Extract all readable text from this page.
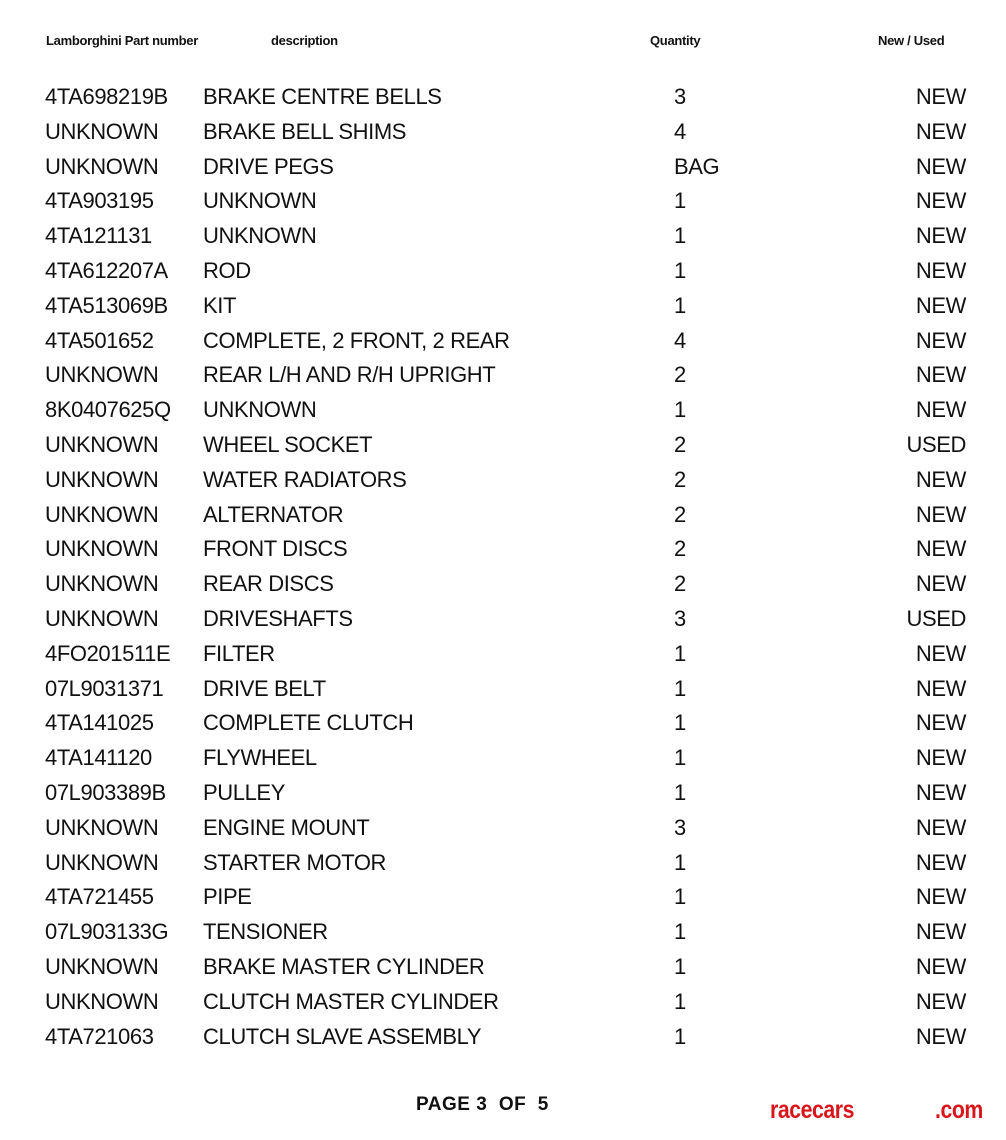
Lamborghini Part number	description	Quantity	New / Used
4TA698219B BRAKE CENTRE BELLS	3	NEW
UNKNOWN BRAKE BELL SHIMS	4	NEW
UNKNOWN DRIVE PEGS	BAG	NEW
4TA903195 UNKNOWN	1	NEW
4TA121131 UNKNOWN	1	NEW
4TA612207A ROD	1	NEW
4TA513069B KIT	1	NEW
4TA501652 COMPLETE, 2 FRONT, 2 REAR	4	NEW
UNKNOWN REAR L/H AND R/H UPRIGHT	2	NEW
8K0407625Q UNKNOWN	1	NEW
UNKNOWN WHEEL SOCKET	2	USED
UNKNOWN WATER RADIATORS	2	NEW
UNKNOWN ALTERNATOR	2	NEW
UNKNOWN FRONT DISCS	2	NEW
UNKNOWN REAR DISCS	2	NEW
UNKNOWN DRIVESHAFTS	3	USED
4FO201511E FILTER	1	NEW
07L9031371 DRIVE BELT	1	NEW
4TA141025 COMPLETE CLUTCH	1	NEW
4TA141120 FLYWHEEL	1	NEW
07L903389B PULLEY	1	NEW
UNKNOWN ENGINE MOUNT	3	NEW
UNKNOWN STARTER MOTOR	1	NEW
4TA721455 PIPE	1	NEW
07L903133G TENSIONER	1	NEW
UNKNOWN BRAKE MASTER CYLINDER	1	NEW
UNKNOWN CLUTCH MASTER CYLINDER	1	NEW
4TA721063 CLUTCH SLAVE ASSEMBLY	1	NEW
PAGE 3  OF  5	racecars	.com
